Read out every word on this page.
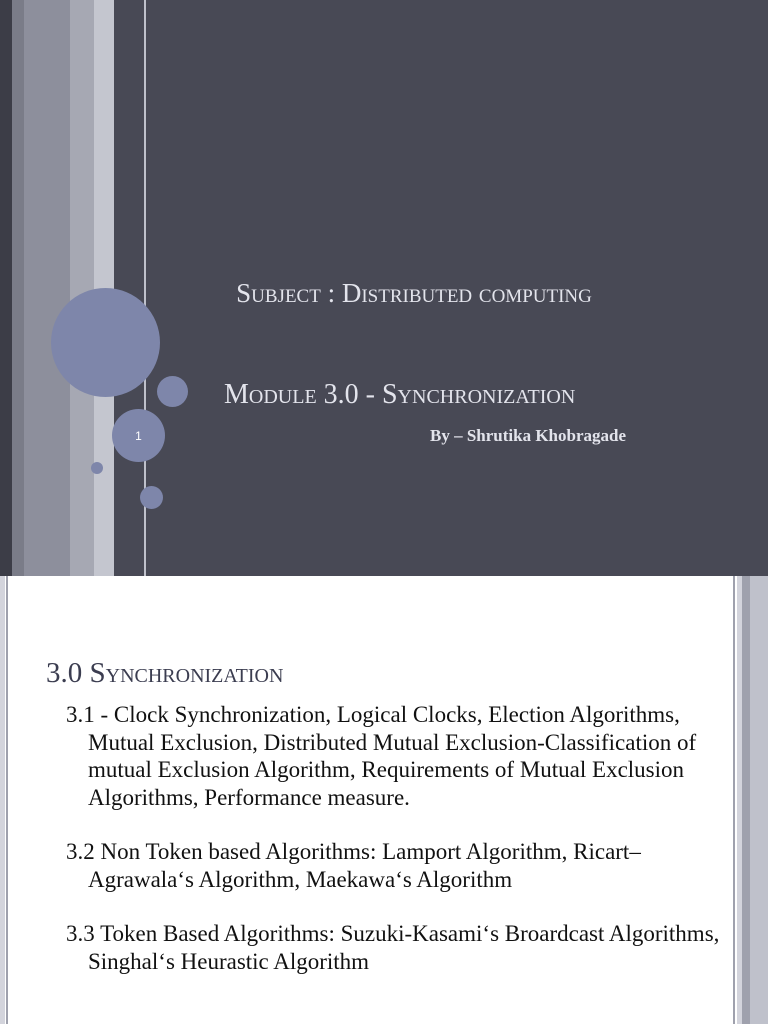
1
Subject : Distributed computing
Module 3.0 - Synchronization
By – Shrutika Khobragade
3.0 Synchronization
3.1 - Clock Synchronization, Logical Clocks, Election Algorithms, Mutual Exclusion, Distributed Mutual Exclusion-Classification of mutual Exclusion Algorithm, Requirements of Mutual Exclusion Algorithms, Performance measure.
3.2 Non Token based Algorithms: Lamport Algorithm, Ricart–Agrawala‘s Algorithm, Maekawa‘s Algorithm
3.3 Token Based Algorithms: Suzuki-Kasami‘s Broardcast Algorithms, Singhal‘s Heurastic Algorithm
